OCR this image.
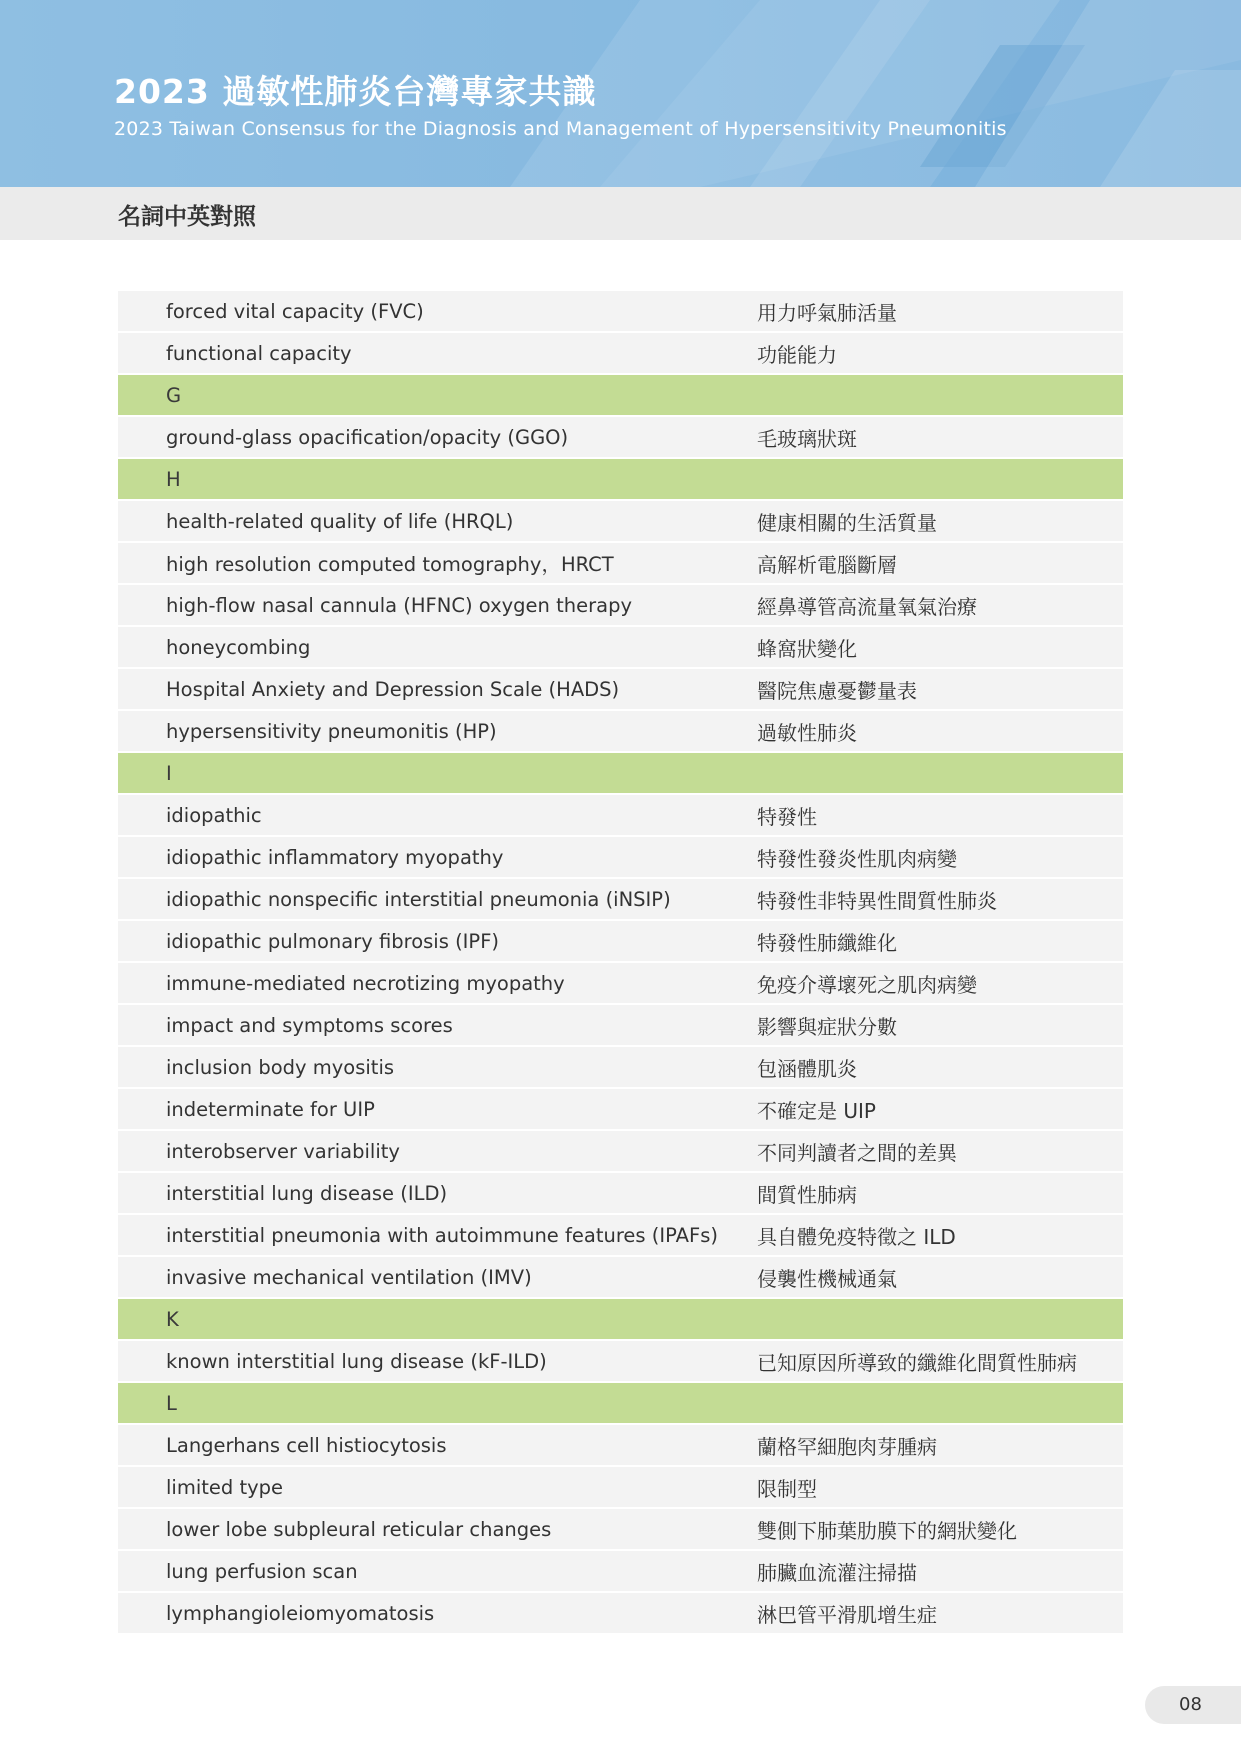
2023 過敏性肺炎台灣專家共識

2023 Taiwan Consensus for the Diagnosis and Management of Hypersensitivity Pneumonitis

名詞中英對照
forced vital capacity (FVC)	用力呼氣肺活量
functional capacity	功能能力
G
ground-glass opacification/opacity (GGO)	毛玻璃狀斑
H
health-related quality of life (HRQL)	健康相關的生活質量
high resolution computed tomography，HRCT	高解析電腦斷層
high-flow nasal cannula (HFNC) oxygen therapy	經鼻導管高流量氧氣治療
honeycombing	蜂窩狀變化
Hospital Anxiety and Depression Scale (HADS)	醫院焦慮憂鬱量表
hypersensitivity pneumonitis (HP)	過敏性肺炎
I
idiopathic	特發性
idiopathic inflammatory myopathy	特發性發炎性肌肉病變
idiopathic nonspecific interstitial pneumonia (iNSIP)	特發性非特異性間質性肺炎
idiopathic pulmonary fibrosis (IPF)	特發性肺纖維化
immune-mediated necrotizing myopathy	免疫介導壞死之肌肉病變
impact and symptoms scores	影響與症狀分數
inclusion body myositis	包涵體肌炎
indeterminate for UIP	不確定是 UIP
interobserver variability	不同判讀者之間的差異
interstitial lung disease (ILD)	間質性肺病
interstitial pneumonia with autoimmune features (IPAFs) 具自體免疫特徵之 ILD
invasive mechanical ventilation (IMV)	侵襲性機械通氣
K
known interstitial lung disease (kF-ILD)	已知原因所導致的纖維化間質性肺病
L
Langerhans cell histiocytosis	蘭格罕細胞肉芽腫病
limited type	限制型
lower lobe subpleural reticular changes	雙側下肺葉肋膜下的網狀變化
lung perfusion scan	肺臟血流灌注掃描
lymphangioleiomyomatosis	淋巴管平滑肌增生症
08
